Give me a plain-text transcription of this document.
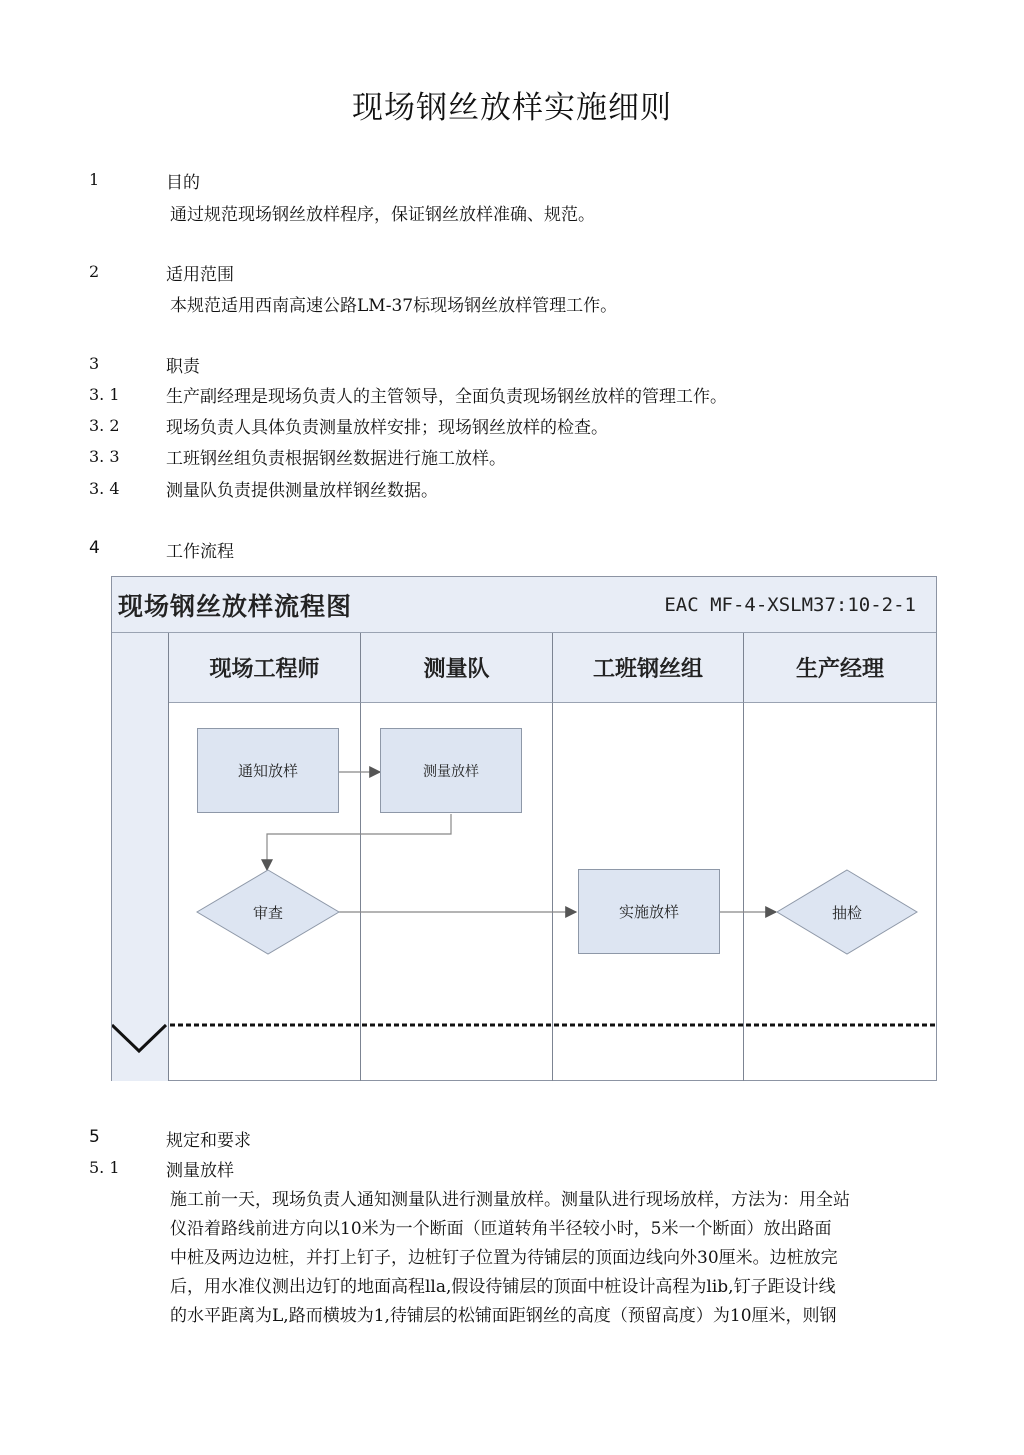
现场钢丝放样实施细则
1	目的
通过规范现场钢丝放样程序，保证钢丝放样准确、规范。
2	适用范围
本规范适用西南高速公路LM-37标现场钢丝放样管理工作。
3	职责
3. 1	生产副经理是现场负责人的主管领导，全面负责现场钢丝放样的管理工作。
3. 2	现场负责人具体负责测量放样安排；现场钢丝放样的检查。
3. 3	工班钢丝组负责根据钢丝数据进行施工放样。
3. 4	测量队负责提供测量放样钢丝数据。
4	工作流程
现场钢丝放样流程图	EAC MF-4-XSLM37:10-2-1
现场工程师	测量队	工班钢丝组	生产经理
通知放样	测量放样
审查	实施放样	抽检
5	规定和要求
5. 1	测量放样
施工前一天，现场负责人通知测量队进行测量放样。测量队进行现场放样，方法为：用全站
仪沿着路线前进方向以10米为一个断面（匝道转角半径较小时，5米一个断面）放出路面
中桩及两边边桩，并打上钉子，边桩钉子位置为待铺层的顶面边线向外30厘米。边桩放完
后，用水准仪测出边钉的地面高程lla,假设待铺层的顶面中桩设计高程为lib,钉子距设计线
的水平距离为L,路而横坡为1,待铺层的松铺面距钢丝的高度（预留高度）为10厘米，则钢
